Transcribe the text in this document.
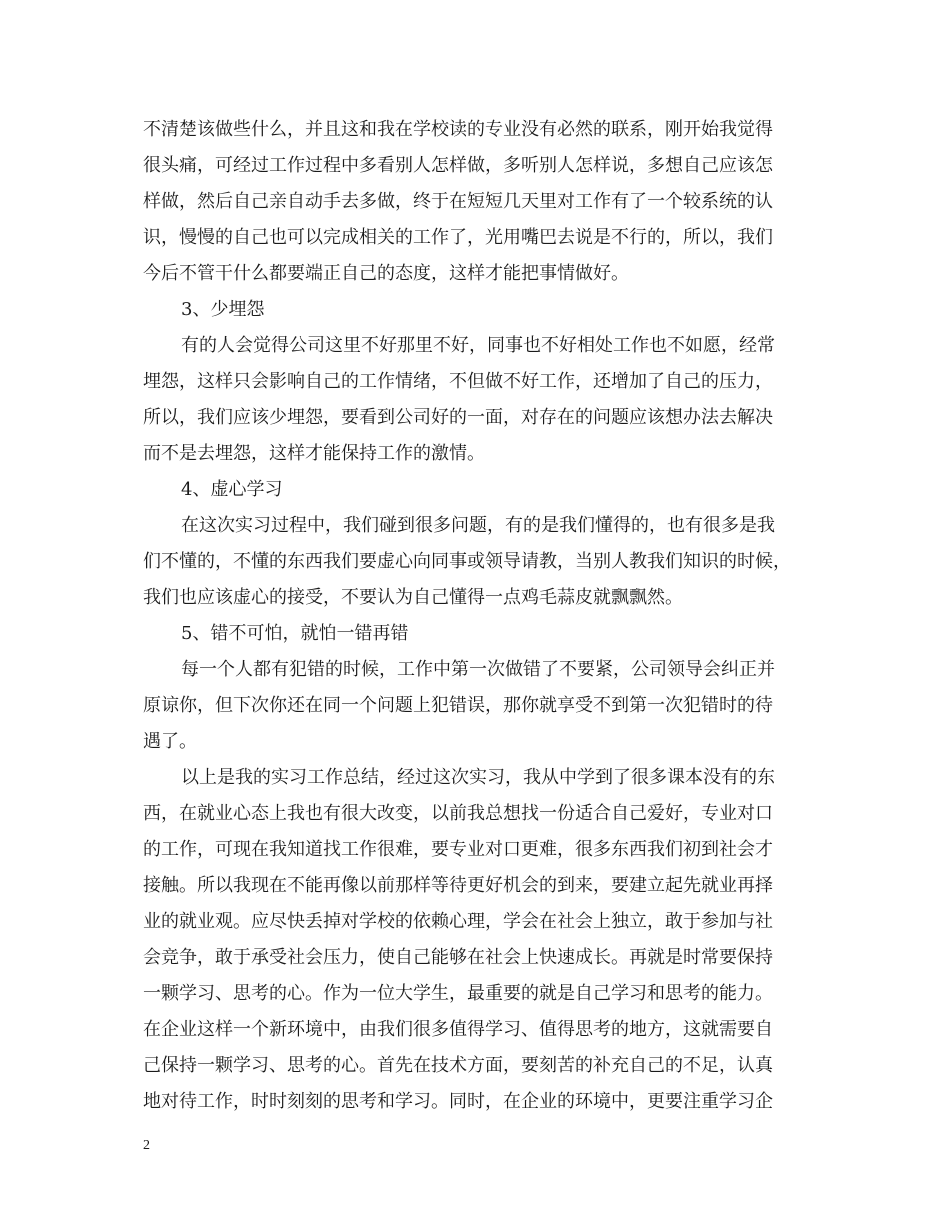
不清楚该做些什么，并且这和我在学校读的专业没有必然的联系，刚开始我觉得
很头痛，可经过工作过程中多看别人怎样做，多听别人怎样说，多想自己应该怎
样做，然后自己亲自动手去多做，终于在短短几天里对工作有了一个较系统的认
识，慢慢的自己也可以完成相关的工作了，光用嘴巴去说是不行的，所以，我们
今后不管干什么都要端正自己的态度，这样才能把事情做好。
3、少埋怨
有的人会觉得公司这里不好那里不好，同事也不好相处工作也不如愿，经常
埋怨，这样只会影响自己的工作情绪，不但做不好工作，还增加了自己的压力，
所以，我们应该少埋怨，要看到公司好的一面，对存在的问题应该想办法去解决
而不是去埋怨，这样才能保持工作的激情。
4、虚心学习
在这次实习过程中，我们碰到很多问题，有的是我们懂得的，也有很多是我
们不懂的，不懂的东西我们要虚心向同事或领导请教，当别人教我们知识的时候，
我们也应该虚心的接受，不要认为自己懂得一点鸡毛蒜皮就飘飘然。
5、错不可怕，就怕一错再错
每一个人都有犯错的时候，工作中第一次做错了不要紧，公司领导会纠正并
原谅你，但下次你还在同一个问题上犯错误，那你就享受不到第一次犯错时的待
遇了。
以上是我的实习工作总结，经过这次实习，我从中学到了很多课本没有的东
西，在就业心态上我也有很大改变，以前我总想找一份适合自己爱好，专业对口
的工作，可现在我知道找工作很难，要专业对口更难，很多东西我们初到社会才
接触。所以我现在不能再像以前那样等待更好机会的到来，要建立起先就业再择
业的就业观。应尽快丢掉对学校的依赖心理，学会在社会上独立，敢于参加与社
会竞争，敢于承受社会压力，使自己能够在社会上快速成长。再就是时常要保持
一颗学习、思考的心。作为一位大学生，最重要的就是自己学习和思考的能力。
在企业这样一个新环境中，由我们很多值得学习、值得思考的地方，这就需要自
己保持一颗学习、思考的心。首先在技术方面，要刻苦的补充自己的不足，认真
地对待工作，时时刻刻的思考和学习。同时，在企业的环境中，更要注重学习企
2
